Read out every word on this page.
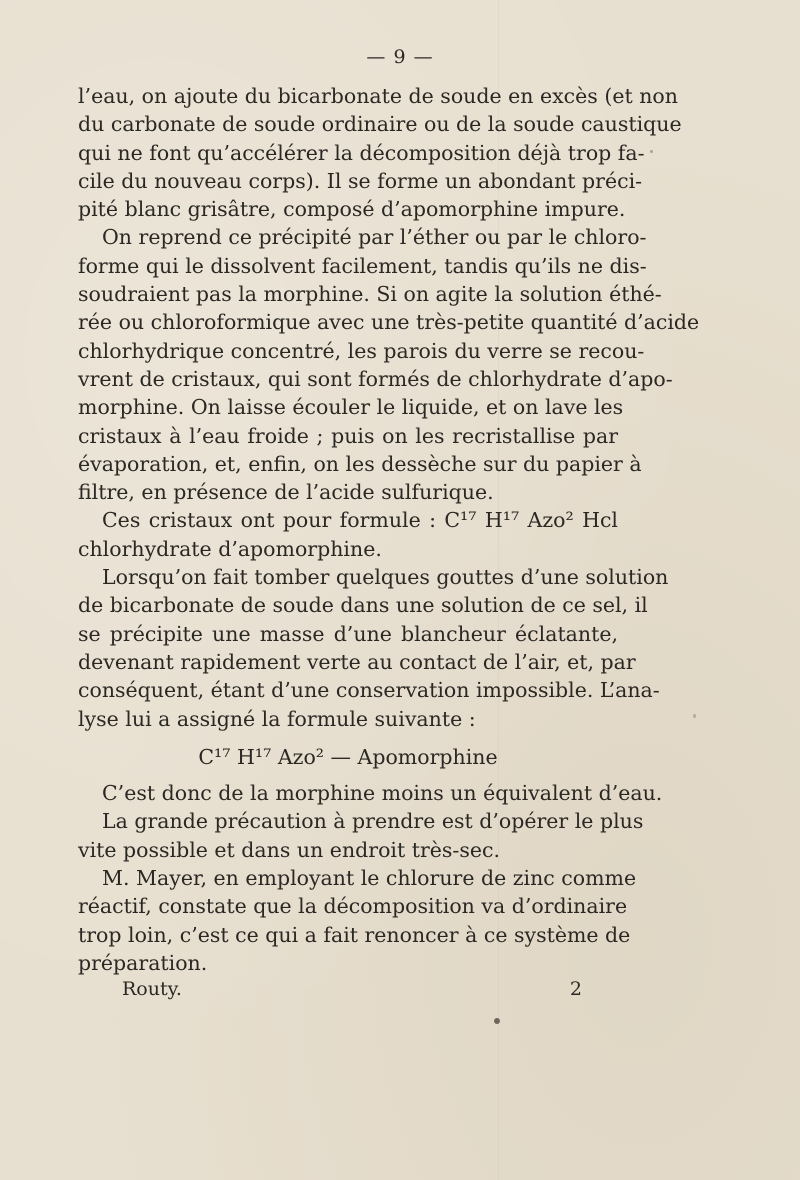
— 9 —
l’eau, on ajoute du bicarbonate de soude en excès (et non
du carbonate de soude ordinaire ou de la soude caustique
qui ne font qu’accélérer la décomposition déjà trop fa-
cile du nouveau corps). Il se forme un abondant préci-
pité blanc grisâtre, composé d’apomorphine impure.
On reprend ce précipité par l’éther ou par le chloro-
forme qui le dissolvent facilement, tandis qu’ils ne dis-
soudraient pas la morphine. Si on agite la solution éthé-
rée ou chloroformique avec une très-petite quantité d’acide
chlorhydrique concentré, les parois du verre se recou-
vrent de cristaux, qui sont formés de chlorhydrate d’apo-
morphine. On laisse écouler le liquide, et on lave les
cristaux à l’eau froide ; puis on les recristallise par
évaporation, et, enfin, on les dessèche sur du papier à
filtre, en présence de l’acide sulfurique.
Ces cristaux ont pour formule : C¹⁷ H¹⁷ Azo² Hcl
chlorhydrate d’apomorphine.
Lorsqu’on fait tomber quelques gouttes d’une solution
de bicarbonate de soude dans une solution de ce sel, il
se précipite une masse d’une blancheur éclatante,
devenant rapidement verte au contact de l’air, et, par
conséquent, étant d’une conservation impossible. L’ana-
lyse lui a assigné la formule suivante :
C¹⁷ H¹⁷ Azo² — Apomorphine
C’est donc de la morphine moins un équivalent d’eau.
La grande précaution à prendre est d’opérer le plus
vite possible et dans un endroit très-sec.
M. Mayer, en employant le chlorure de zinc comme
réactif, constate que la décomposition va d’ordinaire
trop loin, c’est ce qui a fait renoncer à ce système de
préparation.
Routy.	2
